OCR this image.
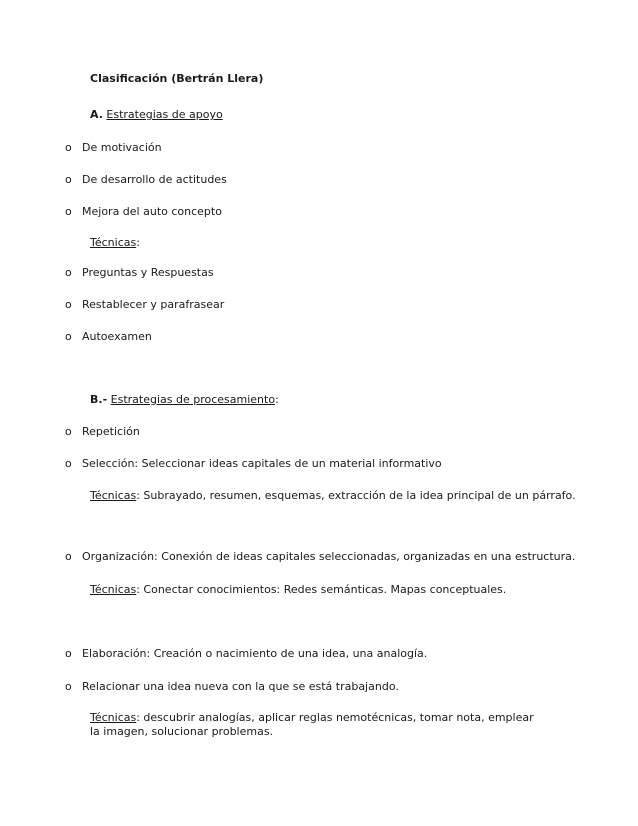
Clasificación (Bertrán Llera)
A. Estrategias de apoyo
o De motivación
o De desarrollo de actitudes
o Mejora del auto concepto
Técnicas:
o Preguntas y Respuestas
o Restablecer y parafrasear
o Autoexamen
B.- Estrategias de procesamiento:
o Repetición
o Selección: Seleccionar ideas capitales de un material informativo
Técnicas: Subrayado, resumen, esquemas, extracción de la idea principal de un párrafo.
o Organización: Conexión de ideas capitales seleccionadas, organizadas en una estructura.
Técnicas: Conectar conocimientos: Redes semánticas. Mapas conceptuales.
o Elaboración: Creación o nacimiento de una idea, una analogía.
o Relacionar una idea nueva con la que se está trabajando.
Técnicas: descubrir analogías, aplicar reglas nemotécnicas, tomar nota, emplear la imagen, solucionar problemas.
